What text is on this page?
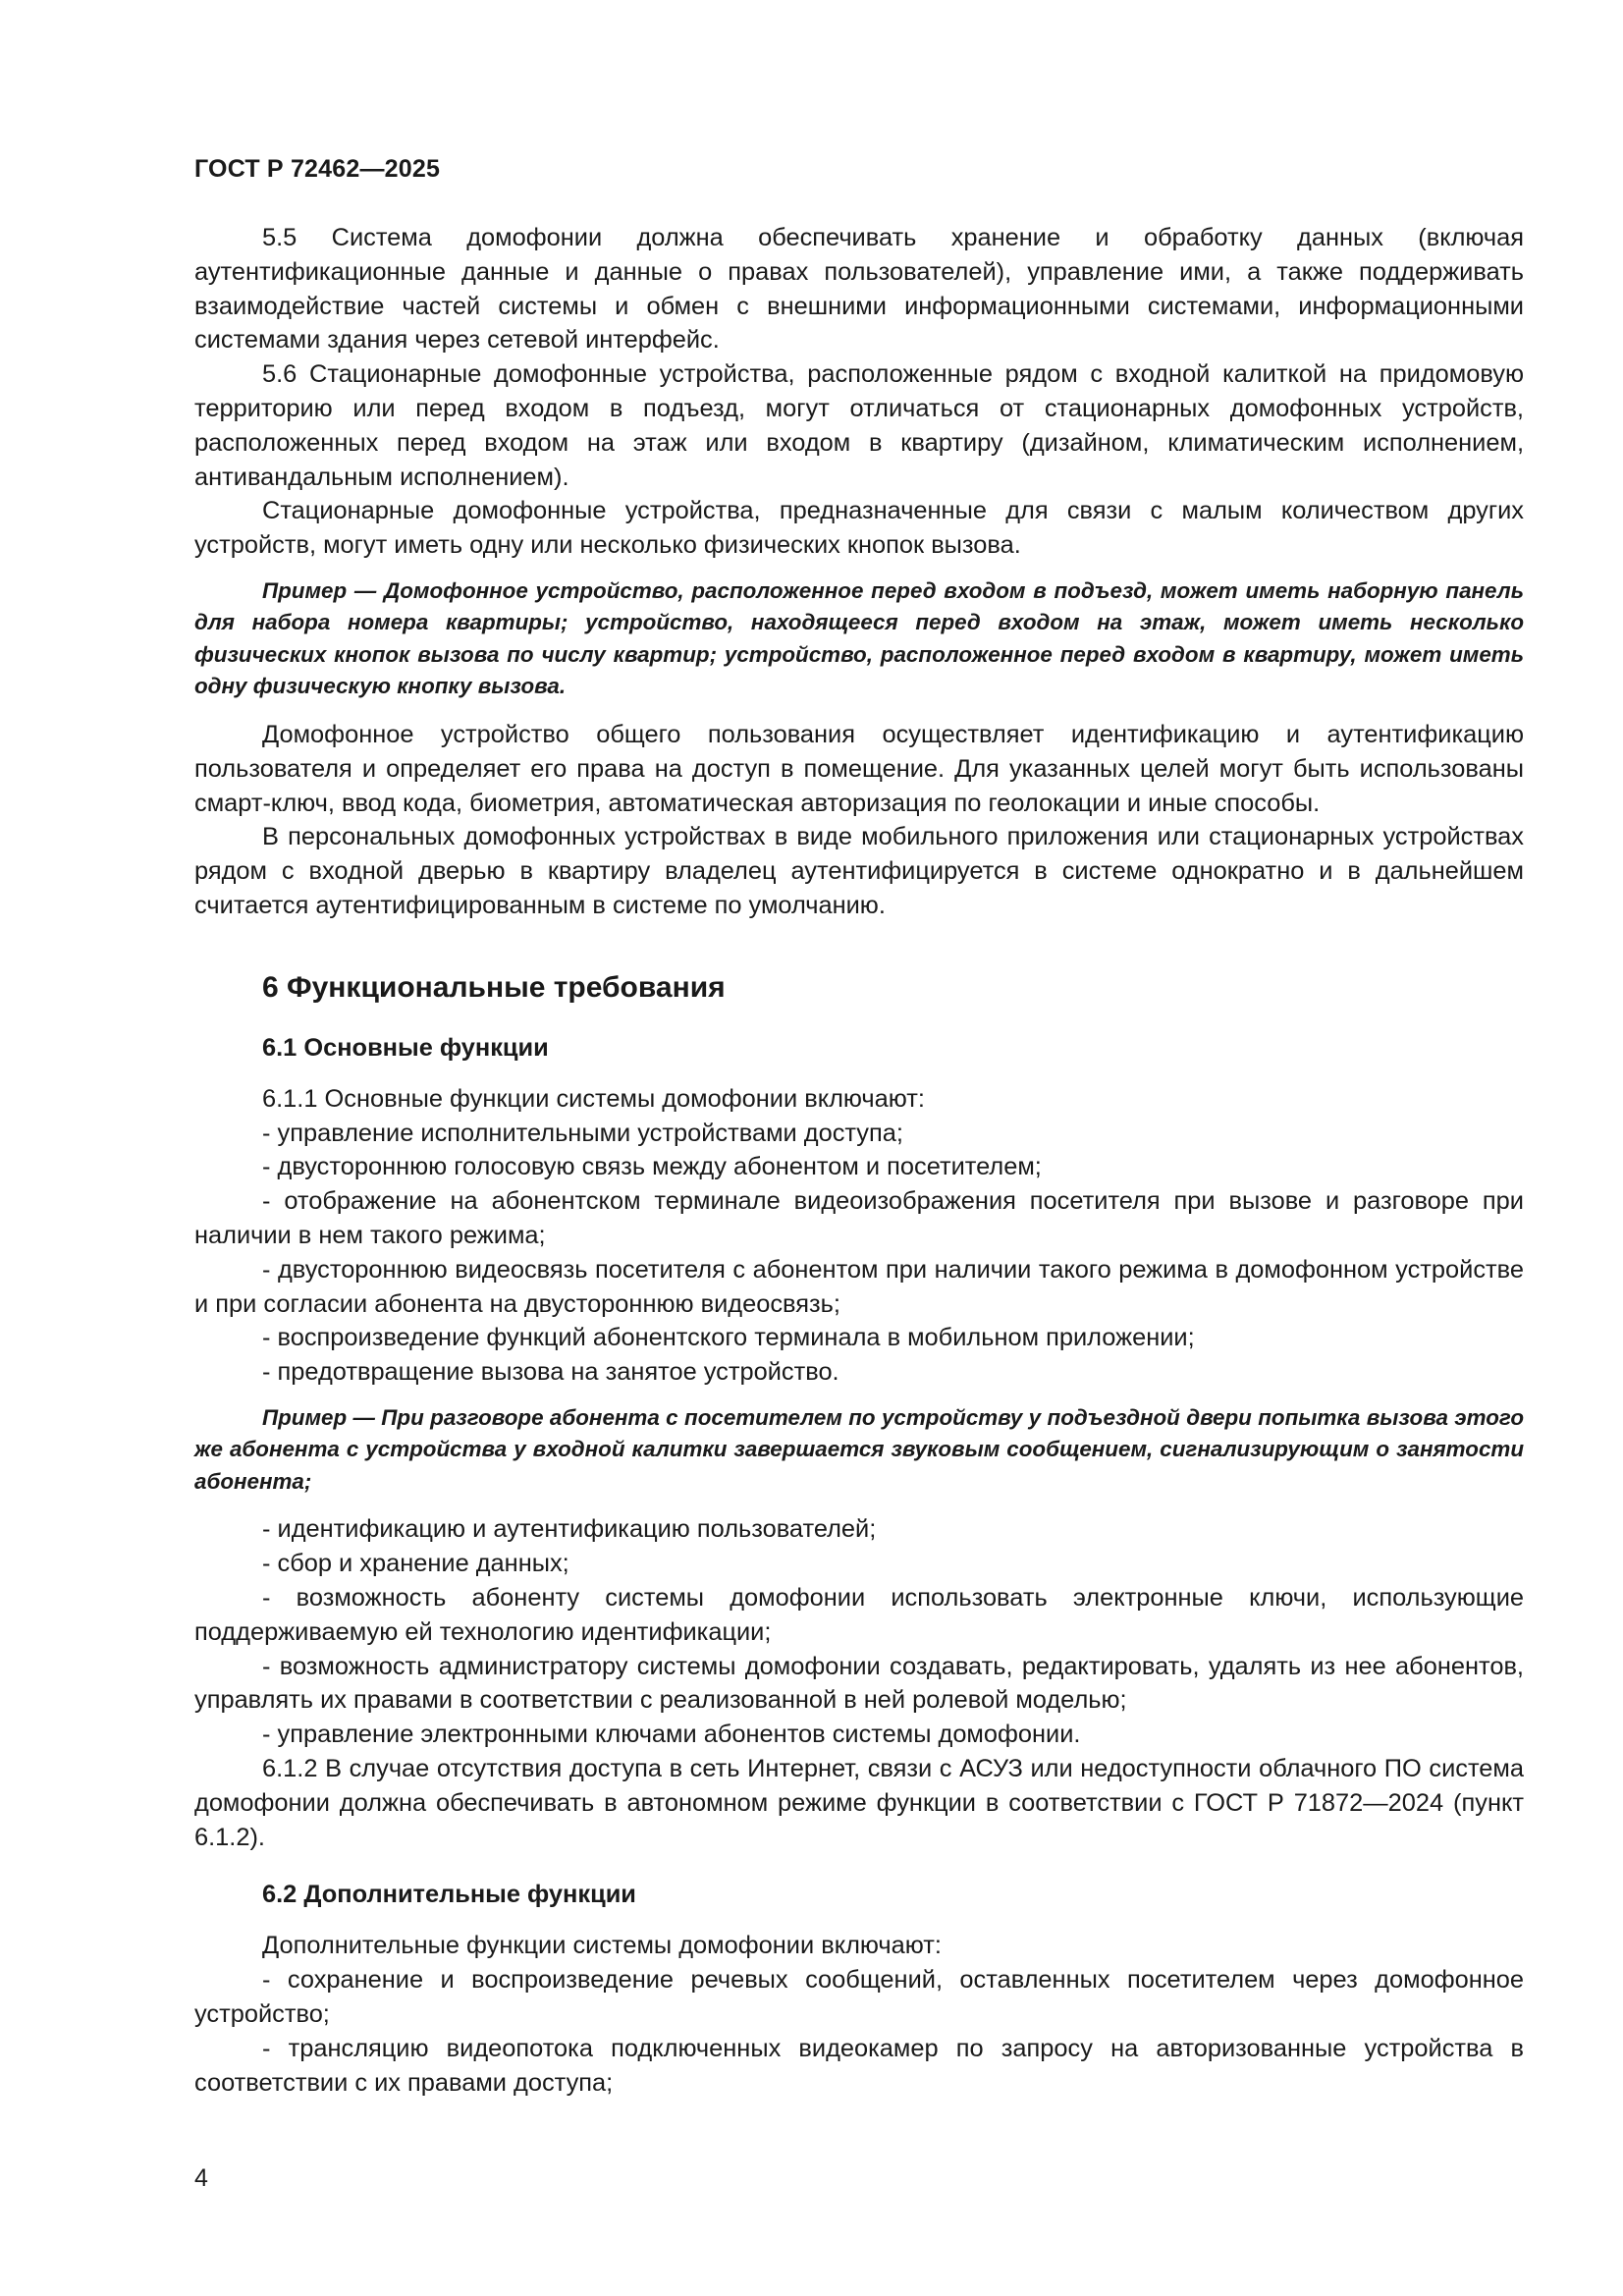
ГОСТ Р 72462—2025

5.5 Система домофонии должна обеспечивать хранение и обработку данных (включая аутентификационные данные и данные о правах пользователей), управление ими, а также поддерживать взаимодействие частей системы и обмен с внешними информационными системами, информационными системами здания через сетевой интерфейс.

5.6 Стационарные домофонные устройства, расположенные рядом с входной калиткой на придомовую территорию или перед входом в подъезд, могут отличаться от стационарных домофонных устройств, расположенных перед входом на этаж или входом в квартиру (дизайном, климатическим исполнением, антивандальным исполнением).

Стационарные домофонные устройства, предназначенные для связи с малым количеством других устройств, могут иметь одну или несколько физических кнопок вызова.

Пример — Домофонное устройство, расположенное перед входом в подъезд, может иметь наборную панель для набора номера квартиры; устройство, находящееся перед входом на этаж, может иметь несколько физических кнопок вызова по числу квартир; устройство, расположенное перед входом в квартиру, может иметь одну физическую кнопку вызова.

Домофонное устройство общего пользования осуществляет идентификацию и аутентификацию пользователя и определяет его права на доступ в помещение. Для указанных целей могут быть использованы смарт-ключ, ввод кода, биометрия, автоматическая авторизация по геолокации и иные способы.

В персональных домофонных устройствах в виде мобильного приложения или стационарных устройствах рядом с входной дверью в квартиру владелец аутентифицируется в системе однократно и в дальнейшем считается аутентифицированным в системе по умолчанию.

6 Функциональные требования
6.1 Основные функции

6.1.1 Основные функции системы домофонии включают:

- управление исполнительными устройствами доступа;

- двустороннюю голосовую связь между абонентом и посетителем;

- отображение на абонентском терминале видеоизображения посетителя при вызове и разговоре при наличии в нем такого режима;

- двустороннюю видеосвязь посетителя с абонентом при наличии такого режима в домофонном устройстве и при согласии абонента на двустороннюю видеосвязь;

- воспроизведение функций абонентского терминала в мобильном приложении;

- предотвращение вызова на занятое устройство.

Пример — При разговоре абонента с посетителем по устройству у подъездной двери попытка вызова этого же абонента с устройства у входной калитки завершается звуковым сообщением, сигнализирующим о занятости абонента;

- идентификацию и аутентификацию пользователей;

- сбор и хранение данных;

- возможность абоненту системы домофонии использовать электронные ключи, использующие поддерживаемую ей технологию идентификации;

- возможность администратору системы домофонии создавать, редактировать, удалять из нее абонентов, управлять их правами в соответствии с реализованной в ней ролевой моделью;

- управление электронными ключами абонентов системы домофонии.

6.1.2 В случае отсутствия доступа в сеть Интернет, связи с АСУЗ или недоступности облачного ПО система домофонии должна обеспечивать в автономном режиме функции в соответствии с ГОСТ Р 71872—2024 (пункт 6.1.2).

6.2 Дополнительные функции

Дополнительные функции системы домофонии включают:

- сохранение и воспроизведение речевых сообщений, оставленных посетителем через домофонное устройство;

- трансляцию видеопотока подключенных видеокамер по запросу на авторизованные устройства в соответствии с их правами доступа;

4
